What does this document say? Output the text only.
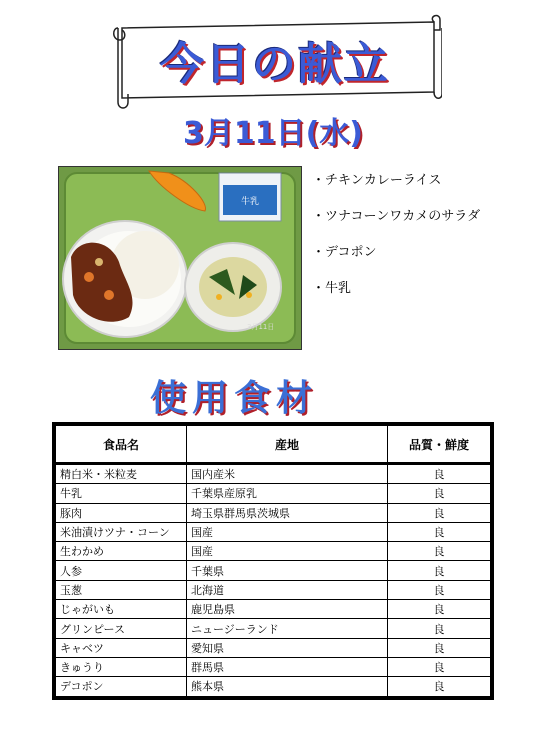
今日の献立
3月11日(水)
牛乳
3月11日
・チキンカレーライス
・ツナコーンワカメのサラダ
・デコポン
・牛乳
使用食材
食品名	産地	品質・鮮度
精白米・米粒麦	国内産米	良
牛乳	千葉県産原乳	良
豚肉	埼玉県群馬県茨城県	良
米油漬けツナ・コーン	国産	良
生わかめ	国産	良
人参	千葉県	良
玉葱	北海道	良
じゃがいも	鹿児島県	良
グリンピース	ニュージーランド	良
キャベツ	愛知県	良
きゅうり	群馬県	良
デコポン	熊本県	良
